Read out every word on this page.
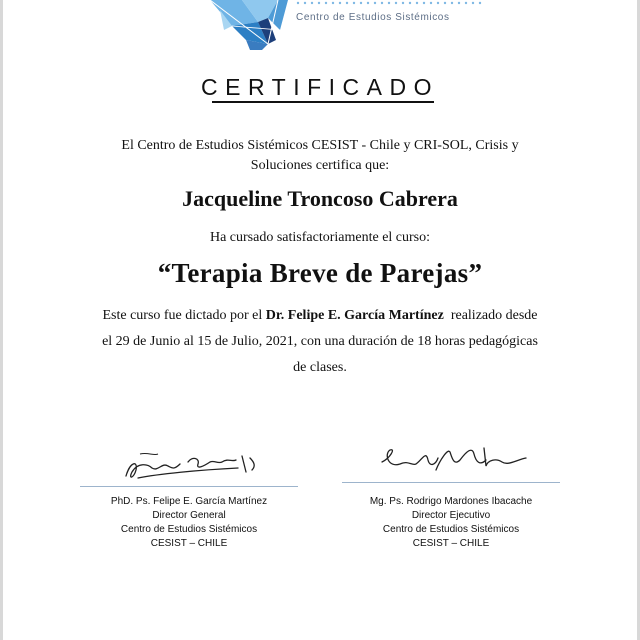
Centro de Estudios Sistémicos
CERTIFICADO
El Centro de Estudios Sistémicos CESIST - Chile y CRI-SOL, Crisis y
Soluciones certifica que:
Jacqueline Troncoso Cabrera
Ha cursado satisfactoriamente el curso:
“Terapia Breve de Parejas”
Este curso fue dictado por el Dr. Felipe E. García Martínez  realizado desde
el 29 de Junio al 15 de Julio, 2021, con una duración de 18 horas pedagógicas
de clases.
PhD. Ps. Felipe E. García Martínez
Director General
Centro de Estudios Sistémicos
CESIST – CHILE
Mg. Ps. Rodrigo Mardones Ibacache
Director Ejecutivo
Centro de Estudios Sistémicos
CESIST – CHILE
